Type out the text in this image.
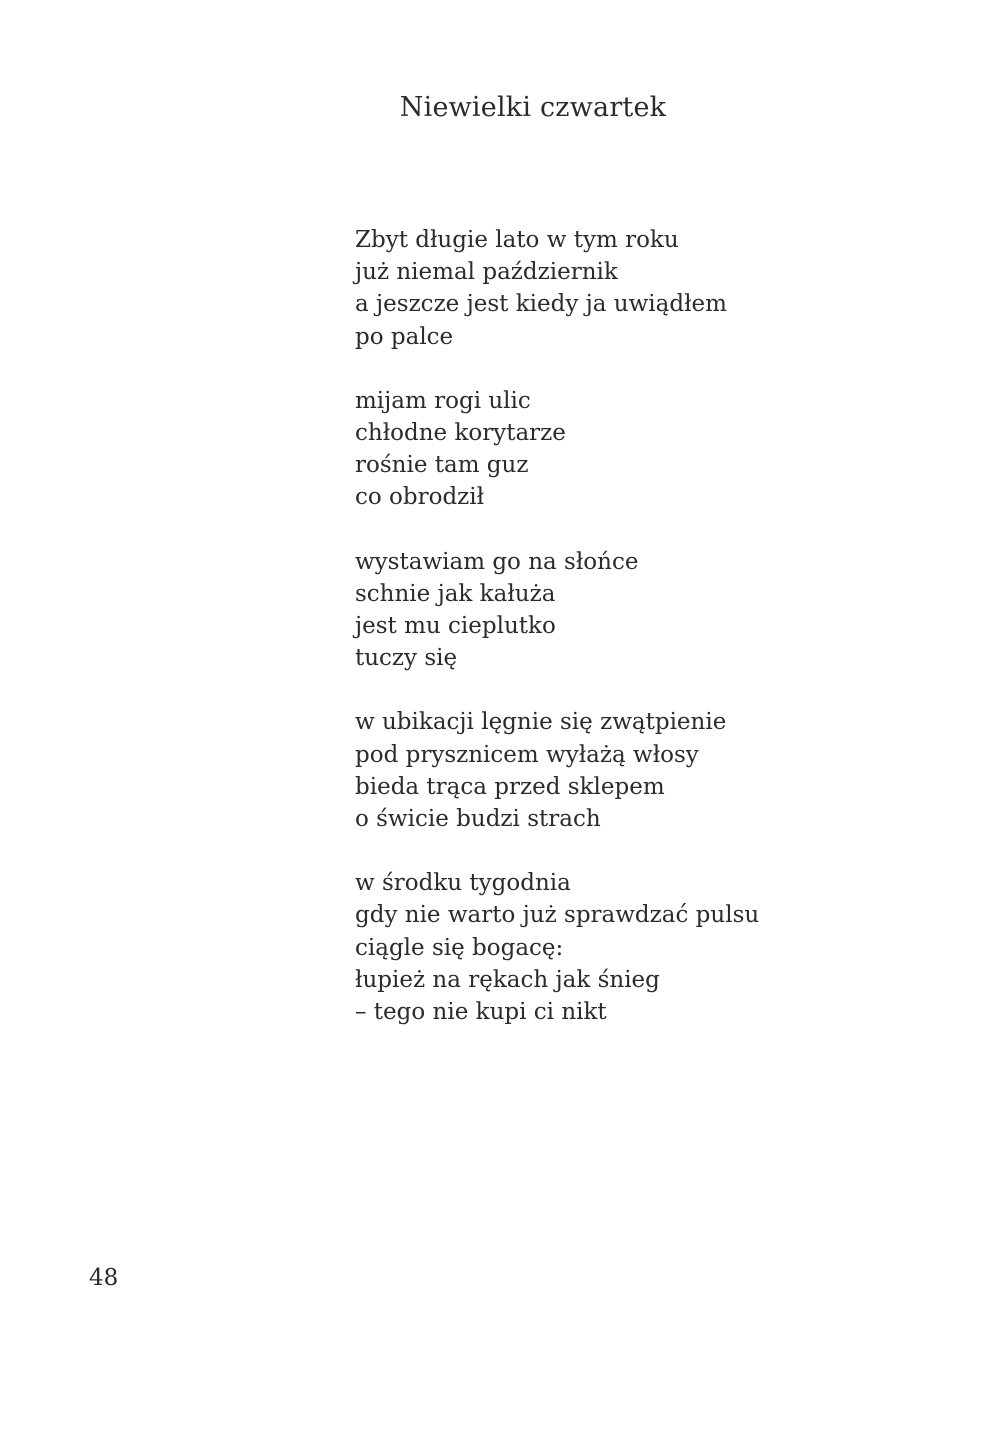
Niewielki czwartek
Zbyt długie lato w tym roku
już niemal październik
a jeszcze jest kiedy ja uwiądłem
po palce
mijam rogi ulic
chłodne korytarze
rośnie tam guz
co obrodził
wystawiam go na słońce
schnie jak kałuża
jest mu cieplutko
tuczy się
w ubikacji lęgnie się zwątpienie
pod prysznicem wyłażą włosy
bieda trąca przed sklepem
o świcie budzi strach
w środku tygodnia
gdy nie warto już sprawdzać pulsu
ciągle się bogacę:
łupież na rękach jak śnieg
– tego nie kupi ci nikt
48
